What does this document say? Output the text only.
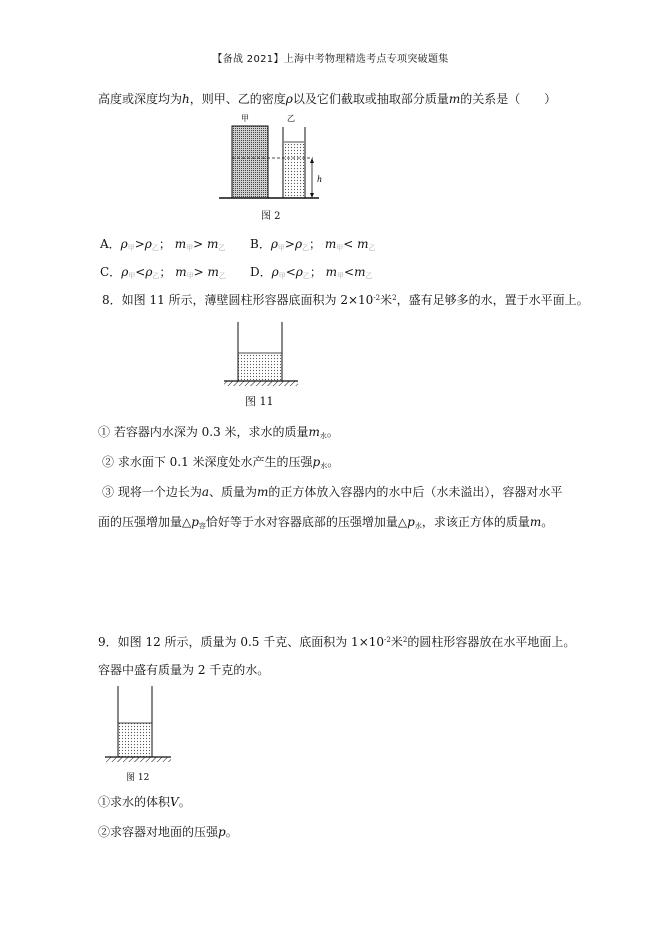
【备战 2021】上海中考物理精选考点专项突破题集
高度或深度均为h，则甲、乙的密度ρ以及它们截取或抽取部分质量m的关系是（　　）
甲	乙
h
图 2
A．$\rho_甲>\rho_乙$； $m_甲> m_乙$ B．$\rho_甲>\rho_乙$； $m_甲< m_乙$
C．$\rho_甲<\rho_乙$； $m_甲> m_乙$ D．$\rho_甲<\rho_乙$； $m_甲<m_乙$
8．如图 11 所示，薄壁圆柱形容器底面积为 $2\times 10^{-2}$米$^2$，盛有足够多的水，置于水平面上。
图 11
① 若容器内水深为 0.3 米，求水的质量$m_水$。
② 求水面下 0.1 米深度处水产生的压强$p_水$。
③ 现将一个边长为a、质量为m的正方体放入容器内的水中后（水未溢出），容器对水平
面的压强增加量$\triangle p_容$恰好等于水对容器底部的压强增加量$\triangle p_水$，求该正方体的质量m。
9．如图 12 所示，质量为 0.5 千克、底面积为 $1\times 10^{-2}$米$^2$的圆柱形容器放在水平地面上。
容器中盛有质量为 2 千克的水。
图 12
①求水的体积V。
②求容器对地面的压强p。
